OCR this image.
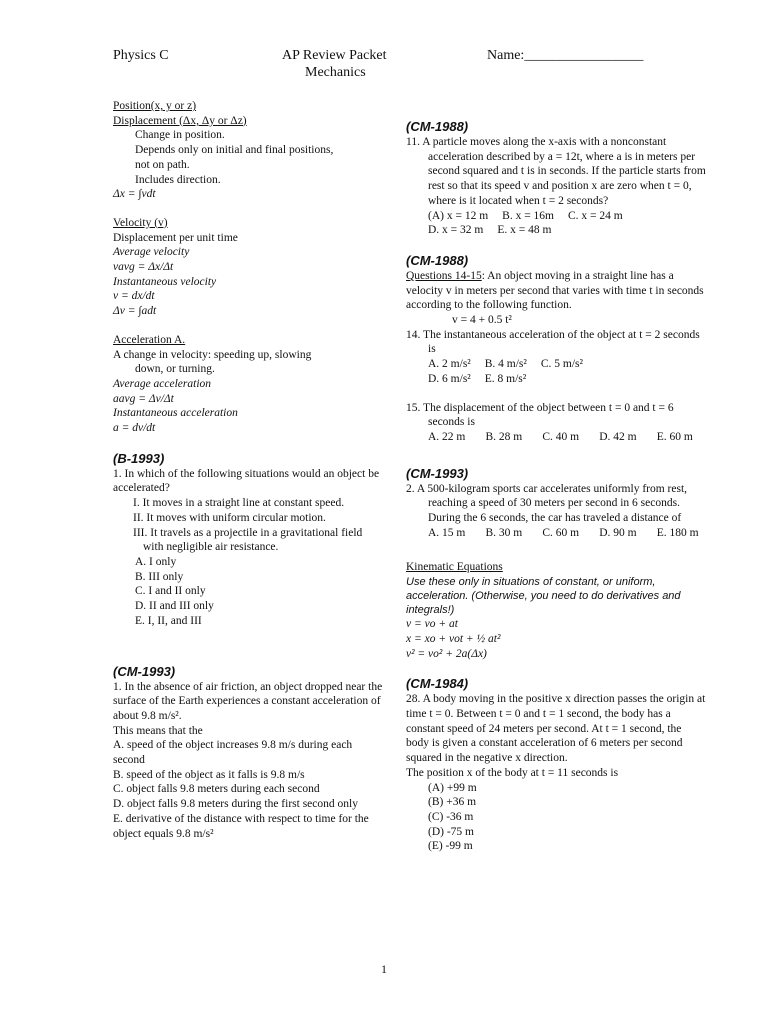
Physics C	AP Review Packet
Mechanics
Name:_________________
Position(x, y or z)
Displacement (Δx, Δy or Δz)
Change in position.
Depends only on initial and final positions,
not on path.
Includes direction.
Δx = ∫vdt
Velocity (v)
Displacement per unit time
Average velocity
vavg = Δx/Δt
Instantaneous velocity
v = dx/dt
Δv = ∫adt
Acceleration A.
A change in velocity: speeding up, slowing
down, or turning.
Average acceleration
aavg = Δv/Δt
Instantaneous acceleration
a = dv/dt
(B-1993)
1. In which of the following situations would an object be accelerated?
I. It moves in a straight line at constant speed.
II. It moves with uniform circular motion.
III. It travels as a projectile in a gravitational field with negligible air resistance.
A. I only
B. III only
C. I and II only
D. II and III only
E. I, II, and III
(CM-1993)
1. In the absence of air friction, an object dropped near the surface of the Earth experiences a constant acceleration of about 9.8 m/s².
This means that the
A. speed of the object increases 9.8 m/s during each second
B. speed of the object as it falls is 9.8 m/s
C. object falls 9.8 meters during each second
D. object falls 9.8 meters during the first second only
E. derivative of the distance with respect to time for the object equals 9.8 m/s²
(CM-1988)
11. A particle moves along the x-axis with a nonconstant acceleration described by a = 12t, where a is in meters per second squared and t is in seconds. If the particle starts from rest so that its speed v and position x are zero when t = 0, where is it located when t = 2 seconds?
(A) x = 12 m B. x = 16m C. x = 24 m
D. x = 32 m E. x = 48 m
(CM-1988)
Questions 14-15: An object moving in a straight line has a velocity v in meters per second that varies with time t in seconds according to the following function.
v = 4 + 0.5 t²
14. The instantaneous acceleration of the object at t = 2 seconds is
A. 2 m/s² B. 4 m/s² C. 5 m/s²
D. 6 m/s² E. 8 m/s²
15. The displacement of the object between t = 0 and t = 6 seconds is
A. 22 m       B. 28 m       C. 40 m       D. 42 m       E. 60 m
(CM-1993)
2. A 500-kilogram sports car accelerates uniformly from rest, reaching a speed of 30 meters per second in 6 seconds. During the 6 seconds, the car has traveled a distance of
A. 15 m       B. 30 m       C. 60 m       D. 90 m       E. 180 m
Kinematic Equations
Use these only in situations of constant, or uniform, acceleration. (Otherwise, you need to do derivatives and integrals!)
v = vo + at
x = xo + vot + ½ at²
v² = vo² + 2a(Δx)
(CM-1984)
28. A body moving in the positive x direction passes the origin at time t = 0. Between t = 0 and t = 1 second, the body has a constant speed of 24 meters per second. At t = 1 second, the body is given a constant acceleration of 6 meters per second squared in the negative x direction.
The position x of the body at t = 11 seconds is
(A) +99 m
(B) +36 m
(C) -36 m
(D) -75 m
(E) -99 m
1
